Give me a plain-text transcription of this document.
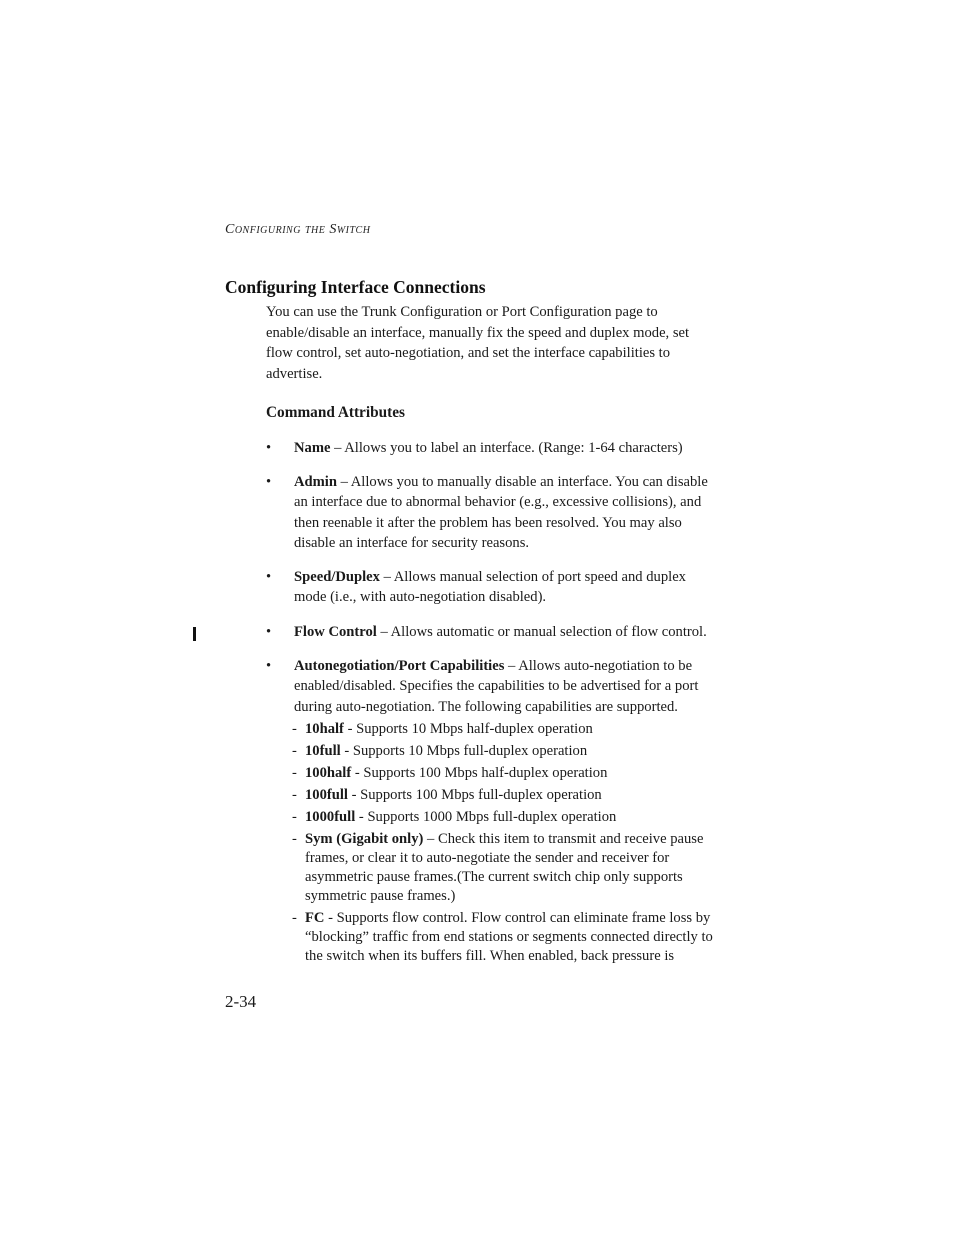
Configuring the Switch
Configuring Interface Connections

You can use the Trunk Configuration or Port Configuration page to enable/disable an interface, manually fix the speed and duplex mode, set flow control, set auto-negotiation, and set the interface capabilities to advertise.

Command Attributes
• Name – Allows you to label an interface. (Range: 1-64 characters)
• Admin – Allows you to manually disable an interface. You can disable an interface due to abnormal behavior (e.g., excessive collisions), and then reenable it after the problem has been resolved. You may also disable an interface for security reasons.
• Speed/Duplex – Allows manual selection of port speed and duplex mode (i.e., with auto-negotiation disabled).
• Flow Control – Allows automatic or manual selection of flow control.
• Autonegotiation/Port Capabilities – Allows auto-negotiation to be enabled/disabled. Specifies the capabilities to be advertised for a port during auto-negotiation. The following capabilities are supported.
- 10half - Supports 10 Mbps half-duplex operation
- 10full - Supports 10 Mbps full-duplex operation
- 100half - Supports 100 Mbps half-duplex operation
- 100full - Supports 100 Mbps full-duplex operation
- 1000full - Supports 1000 Mbps full-duplex operation
- Sym (Gigabit only) – Check this item to transmit and receive pause frames, or clear it to auto-negotiate the sender and receiver for asymmetric pause frames.(The current switch chip only supports symmetric pause frames.)
- FC - Supports flow control. Flow control can eliminate frame loss by “blocking” traffic from end stations or segments connected directly to the switch when its buffers fill. When enabled, back pressure is
2-34
